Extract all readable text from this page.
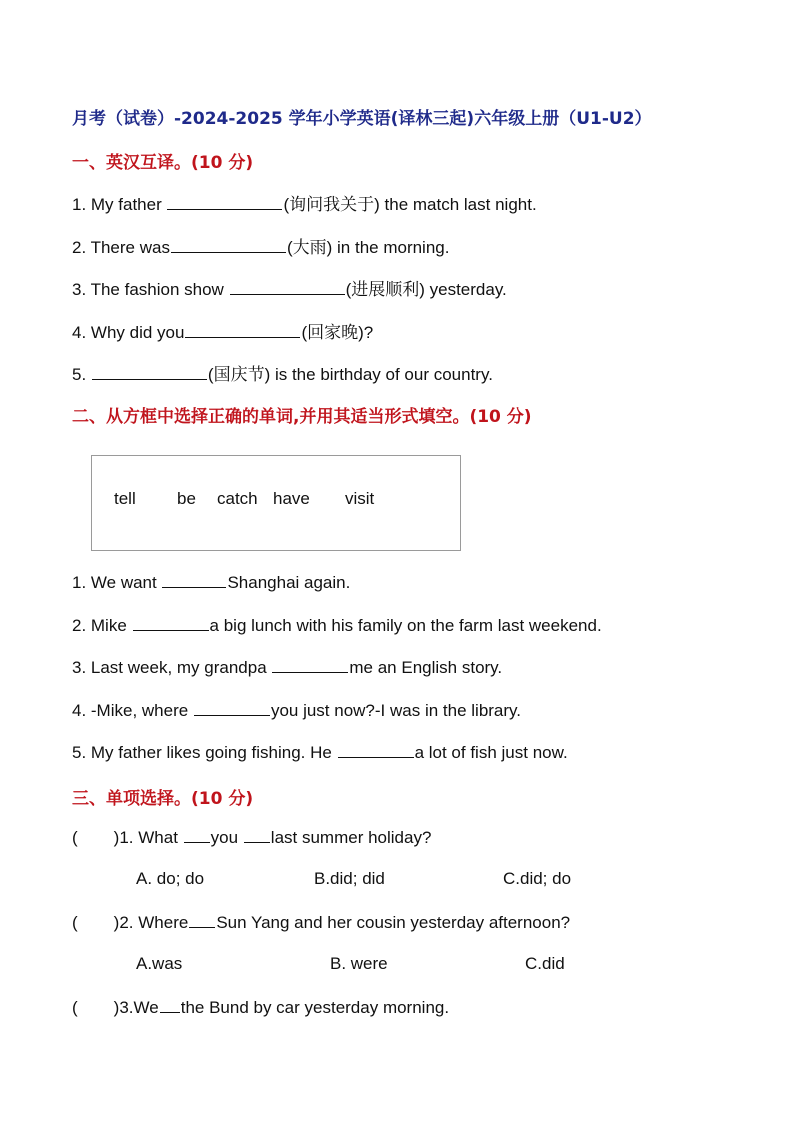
月考（试卷）-2024-2025 学年小学英语(译林三起)六年级上册（U1-U2）
一、英汉互译。(10 分)
1. My father	(询问我关于) the match last night.
2. There was	(大雨) in the morning.
3. The fashion show	(进展顺利) yesterday.
4. Why did you	(回家晚)?
5.	(国庆节) is the birthday of our country.
二、从方框中选择正确的单词,并用其适当形式填空。(10 分)
tell be catch have visit
1. We want	Shanghai again.
2. Mike	a big lunch with his family on the farm last weekend.
3. Last week, my grandpa	me an English story.
4. -Mike, where	you just now?-I was in the library.
5. My father likes going fishing. He	a lot of fish just now.
三、单项选择。(10 分)
( )1. What you last summer holiday?
A. do; do	B.did; did	C.did; do
( )2. Where Sun Yang and her cousin yesterday afternoon?
A.was	B. were	C.did
( )3.We the Bund by car yesterday morning.
